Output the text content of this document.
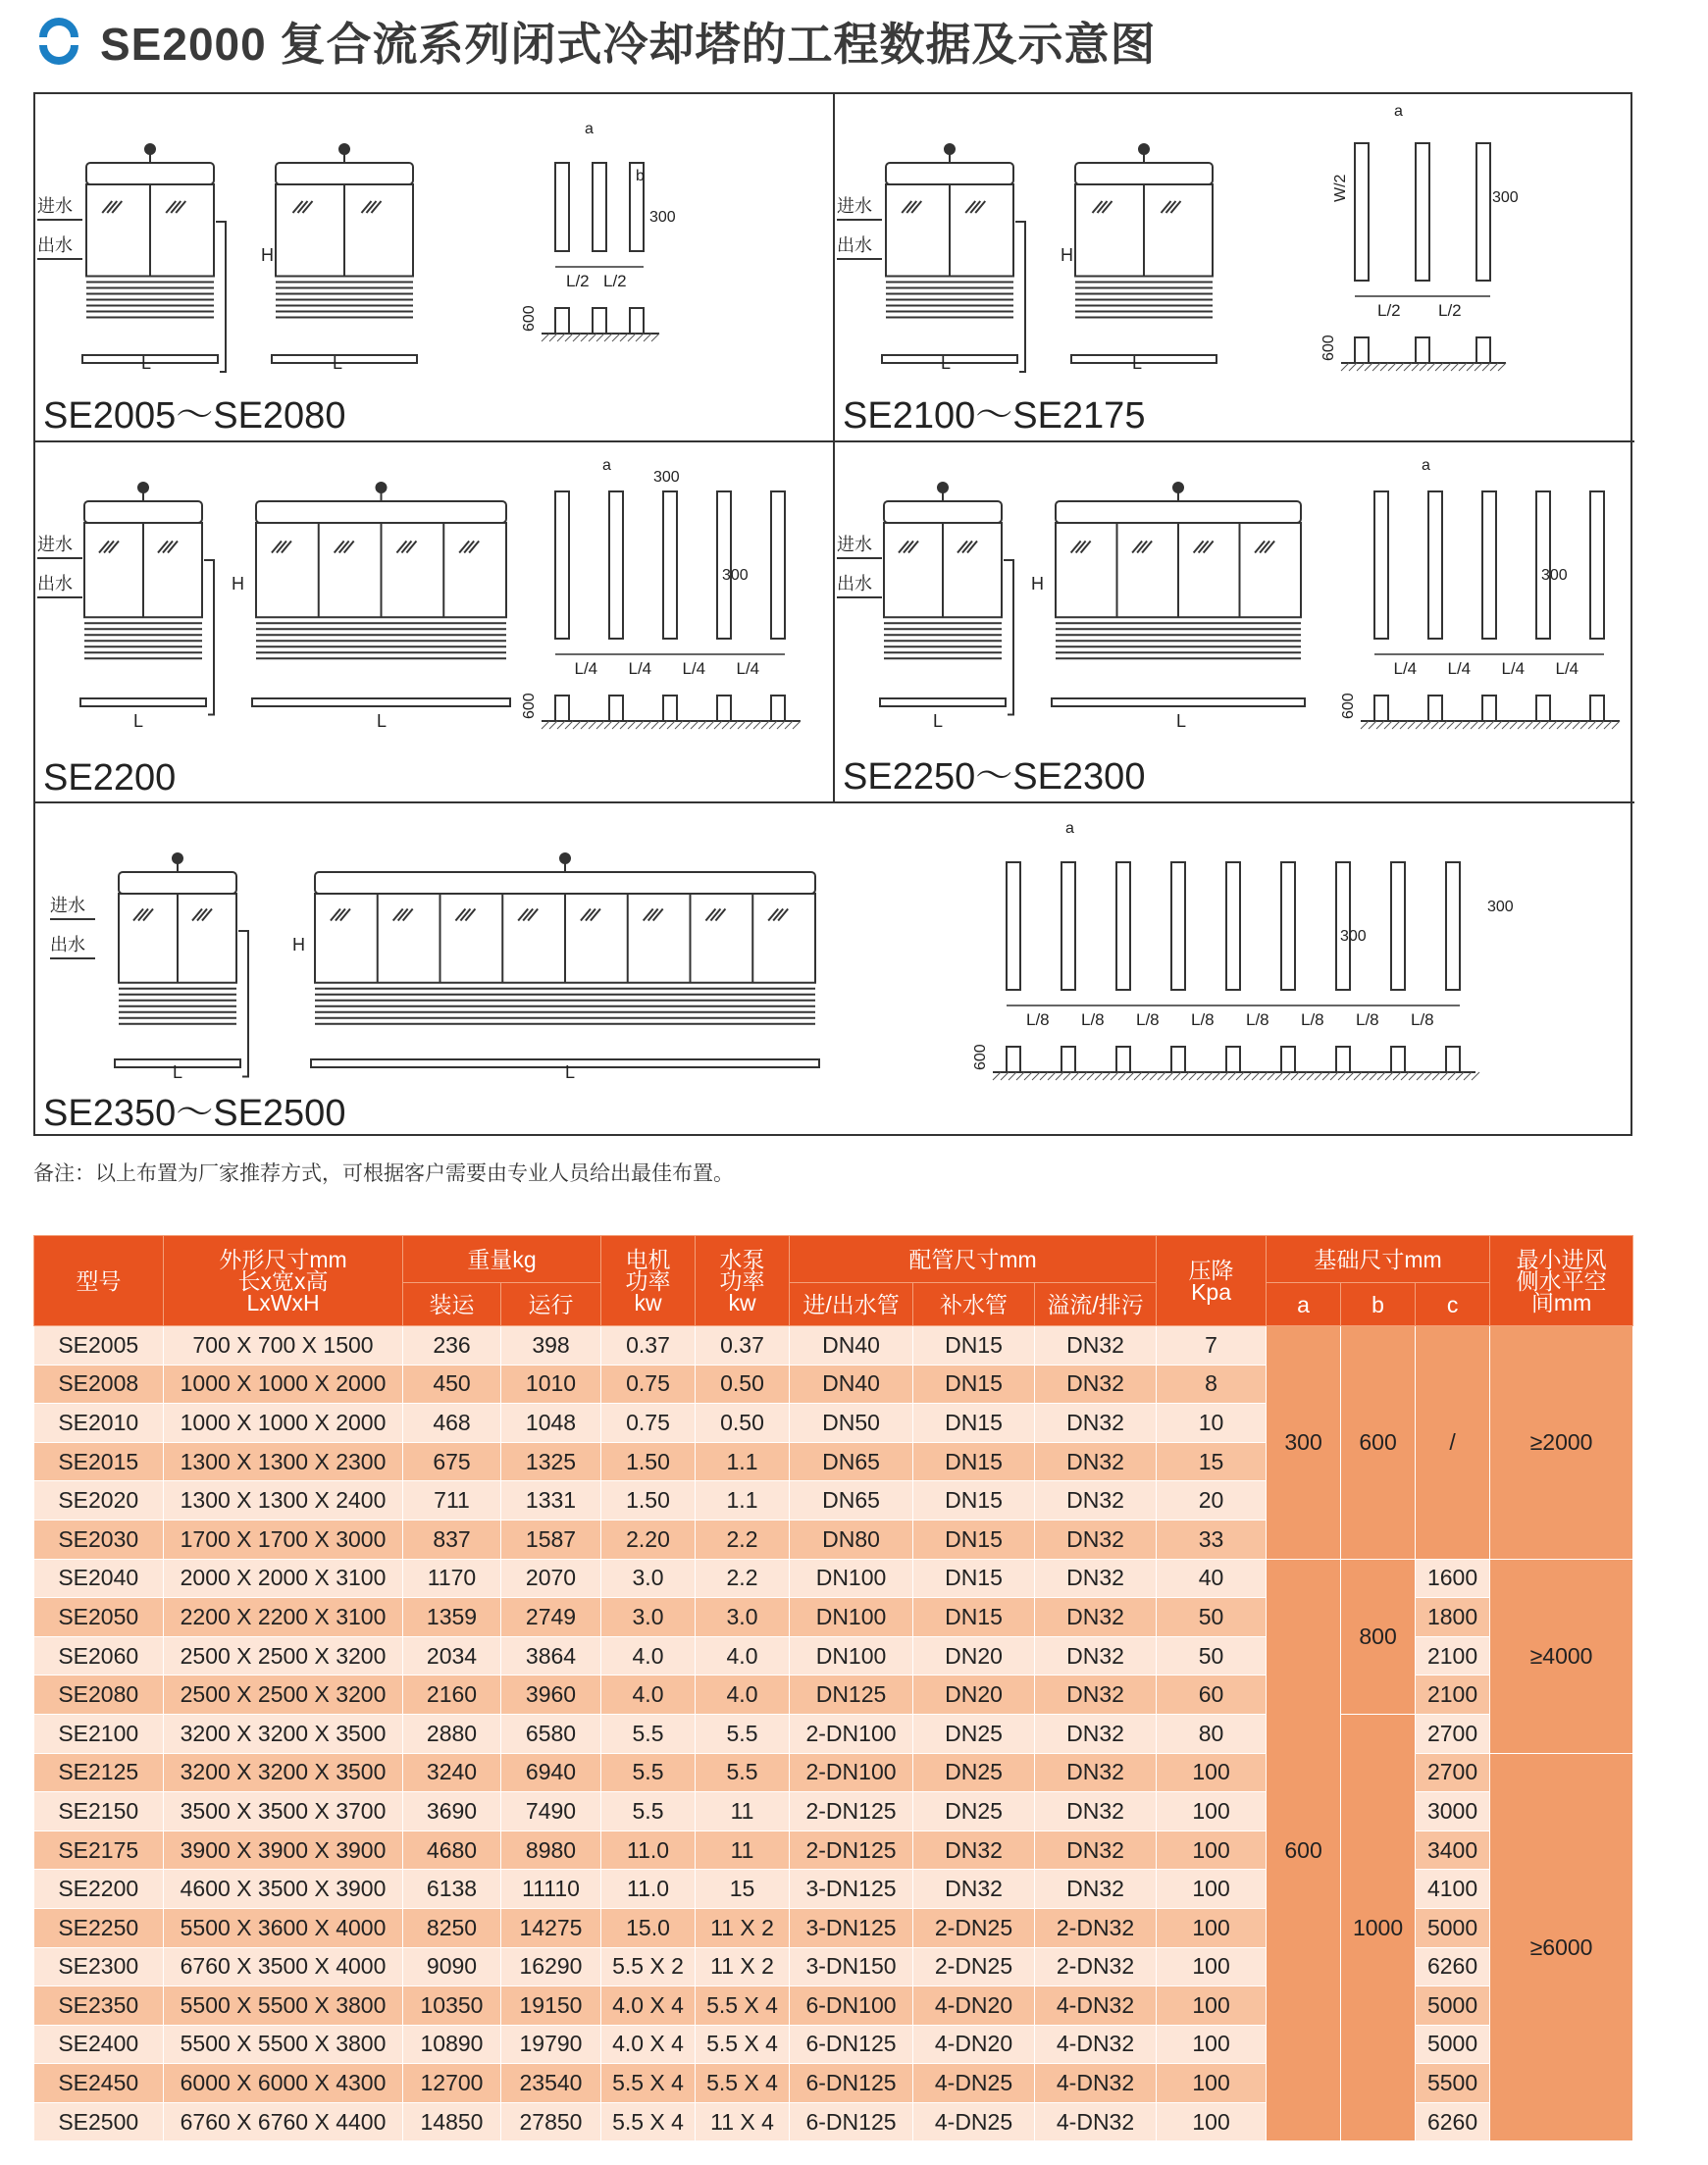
SE2000 复合流系列闭式冷却塔的工程数据及示意图
进水
出水	H
L	L
L/2 L/2
600
a
b
300
SE2005～SE2080
进水
出水	H
L	L
L/2 L/2
600
a
300
W/2
SE2100～SE2175
进水
出水	H
L	L
L/4 L/4 L/4 L/4
600
a
300
300
SE2200
进水
出水	H
L	L
L/4 L/4 L/4 L/4
600
a
300
SE2250～SE2300
进水
出水	H
L	L
L/8 L/8 L/8 L/8 L/8 L/8 L/8 L/8
600
a
300
300
SE2350～SE2500
备注：以上布置为厂家推荐方式，可根据客户需要由专业人员给出最佳布置。
型号	外形尺寸mm 长x宽x高 LxWxH	重量kg		电机 功率 kw	水泵 功率 kw	配管尺寸mm			压降 Kpa	基础尺寸mm			最小进风 侧水平空 间mm
		装运	运行			进/出水管	补水管	溢流/排污		a	b	c	
SE2005	700 X 700 X 1500	236	398	0.37	0.37	DN40	DN15	DN32	7	300	600	/	≥2000
SE2008	1000 X 1000 X 2000	450	1010	0.75	0.50	DN40	DN15	DN32	8				
SE2010	1000 X 1000 X 2000	468	1048	0.75	0.50	DN50	DN15	DN32	10				
SE2015	1300 X 1300 X 2300	675	1325	1.50	1.1	DN65	DN15	DN32	15				
SE2020	1300 X 1300 X 2400	711	1331	1.50	1.1	DN65	DN15	DN32	20				
SE2030	1700 X 1700 X 3000	837	1587	2.20	2.2	DN80	DN15	DN32	33				
SE2040	2000 X 2000 X 3100	1170	2070	3.0	2.2	DN100	DN15	DN32	40	600	800	1600	≥4000
SE2050	2200 X 2200 X 3100	1359	2749	3.0	3.0	DN100	DN15	DN32	50			1800	
SE2060	2500 X 2500 X 3200	2034	3864	4.0	4.0	DN100	DN20	DN32	50			2100	
SE2080	2500 X 2500 X 3200	2160	3960	4.0	4.0	DN125	DN20	DN32	60			2100	
SE2100	3200 X 3200 X 3500	2880	6580	5.5	5.5	2-DN100	DN25	DN32	80		1000	2700	
SE2125	3200 X 3200 X 3500	3240	6940	5.5	5.5	2-DN100	DN25	DN32	100			2700	≥6000
SE2150	3500 X 3500 X 3700	3690	7490	5.5	11	2-DN125	DN25	DN32	100			3000	
SE2175	3900 X 3900 X 3900	4680	8980	11.0	11	2-DN125	DN32	DN32	100			3400	
SE2200	4600 X 3500 X 3900	6138	11110	11.0	15	3-DN125	DN32	DN32	100			4100	
SE2250	5500 X 3600 X 4000	8250	14275	15.0	11 X 2	3-DN125	2-DN25	2-DN32	100			5000	
SE2300	6760 X 3500 X 4000	9090	16290	5.5 X 2	11 X 2	3-DN150	2-DN25	2-DN32	100			6260	
SE2350	5500 X 5500 X 3800	10350	19150	4.0 X 4	5.5 X 4	6-DN100	4-DN20	4-DN32	100			5000	
SE2400	5500 X 5500 X 3800	10890	19790	4.0 X 4	5.5 X 4	6-DN125	4-DN20	4-DN32	100			5000	
SE2450	6000 X 6000 X 4300	12700	23540	5.5 X 4	5.5 X 4	6-DN125	4-DN25	4-DN32	100			5500	
SE2500	6760 X 6760 X 4400	14850	27850	5.5 X 4	11 X 4	6-DN125	4-DN25	4-DN32	100			6260	
